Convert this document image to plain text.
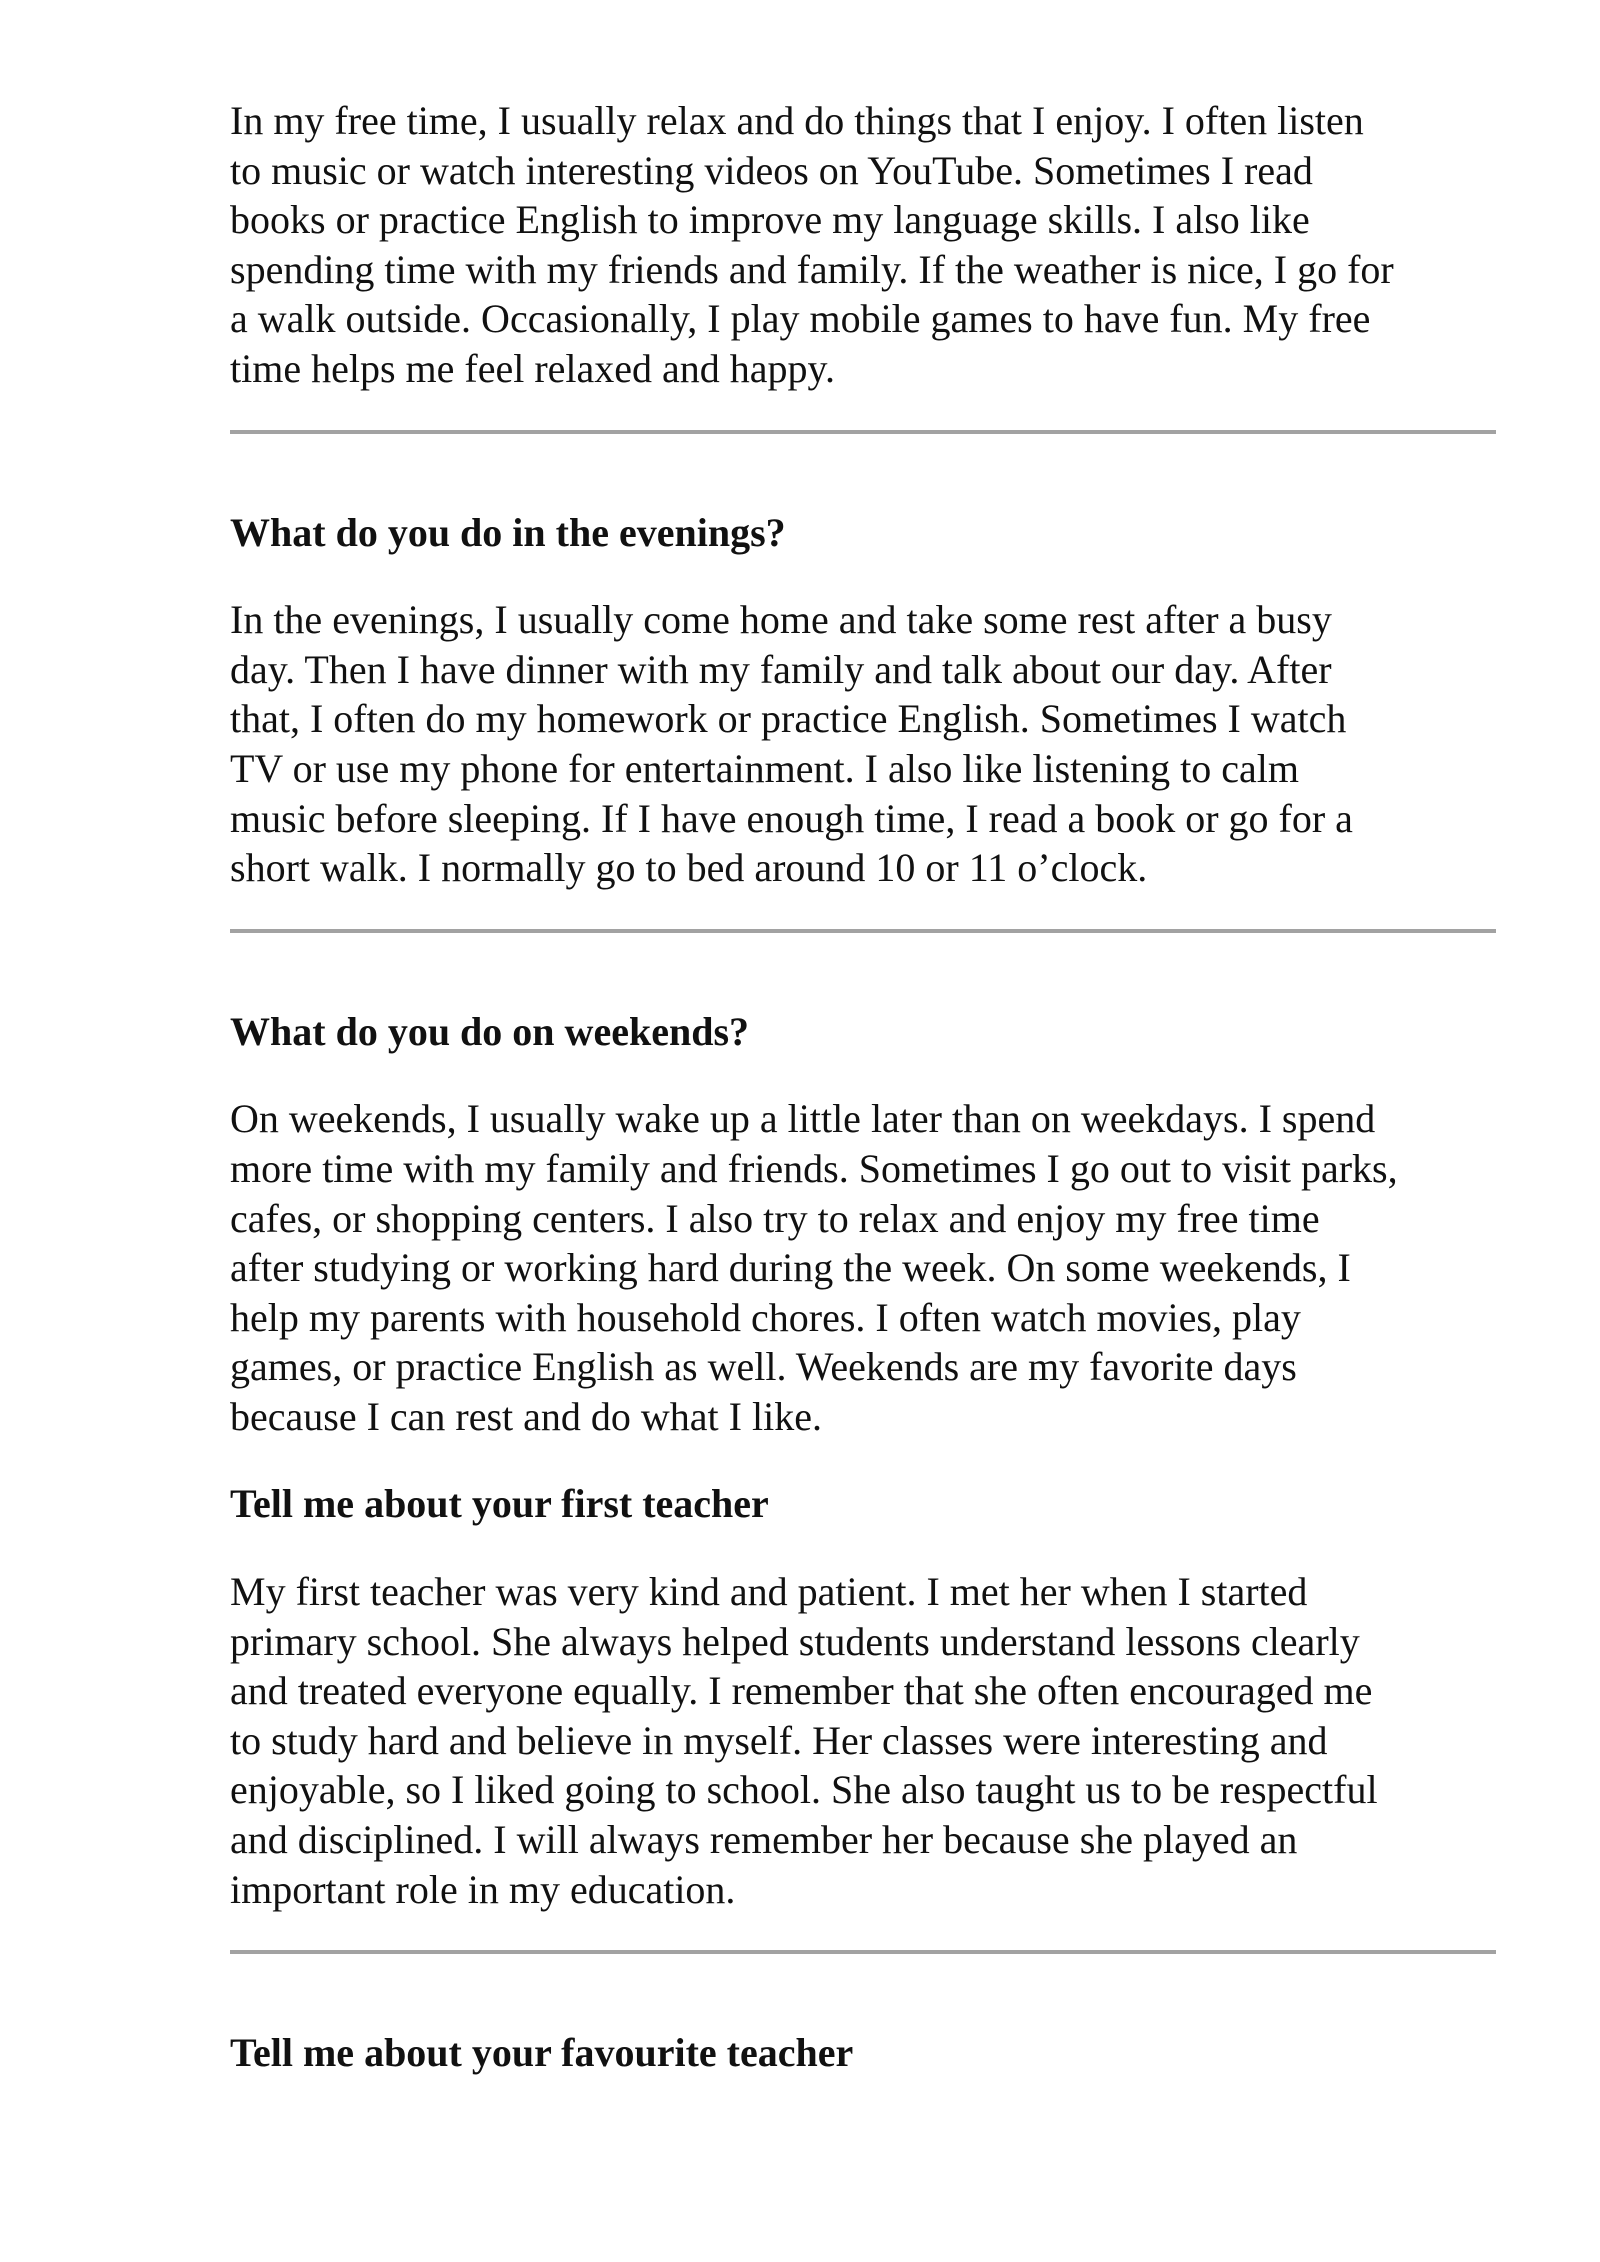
In my free time, I usually relax and do things that I enjoy. I often listen
to music or watch interesting videos on YouTube. Sometimes I read
books or practice English to improve my language skills. I also like
spending time with my friends and family. If the weather is nice, I go for
a walk outside. Occasionally, I play mobile games to have fun. My free
time helps me feel relaxed and happy.

What do you do in the evenings?

In the evenings, I usually come home and take some rest after a busy
day. Then I have dinner with my family and talk about our day. After
that, I often do my homework or practice English. Sometimes I watch
TV or use my phone for entertainment. I also like listening to calm
music before sleeping. If I have enough time, I read a book or go for a
short walk. I normally go to bed around 10 or 11 o’clock.

What do you do on weekends?

On weekends, I usually wake up a little later than on weekdays. I spend
more time with my family and friends. Sometimes I go out to visit parks,
cafes, or shopping centers. I also try to relax and enjoy my free time
after studying or working hard during the week. On some weekends, I
help my parents with household chores. I often watch movies, play
games, or practice English as well. Weekends are my favorite days
because I can rest and do what I like.

Tell me about your first teacher

My first teacher was very kind and patient. I met her when I started
primary school. She always helped students understand lessons clearly
and treated everyone equally. I remember that she often encouraged me
to study hard and believe in myself. Her classes were interesting and
enjoyable, so I liked going to school. She also taught us to be respectful
and disciplined. I will always remember her because she played an
important role in my education.

Tell me about your favourite teacher
